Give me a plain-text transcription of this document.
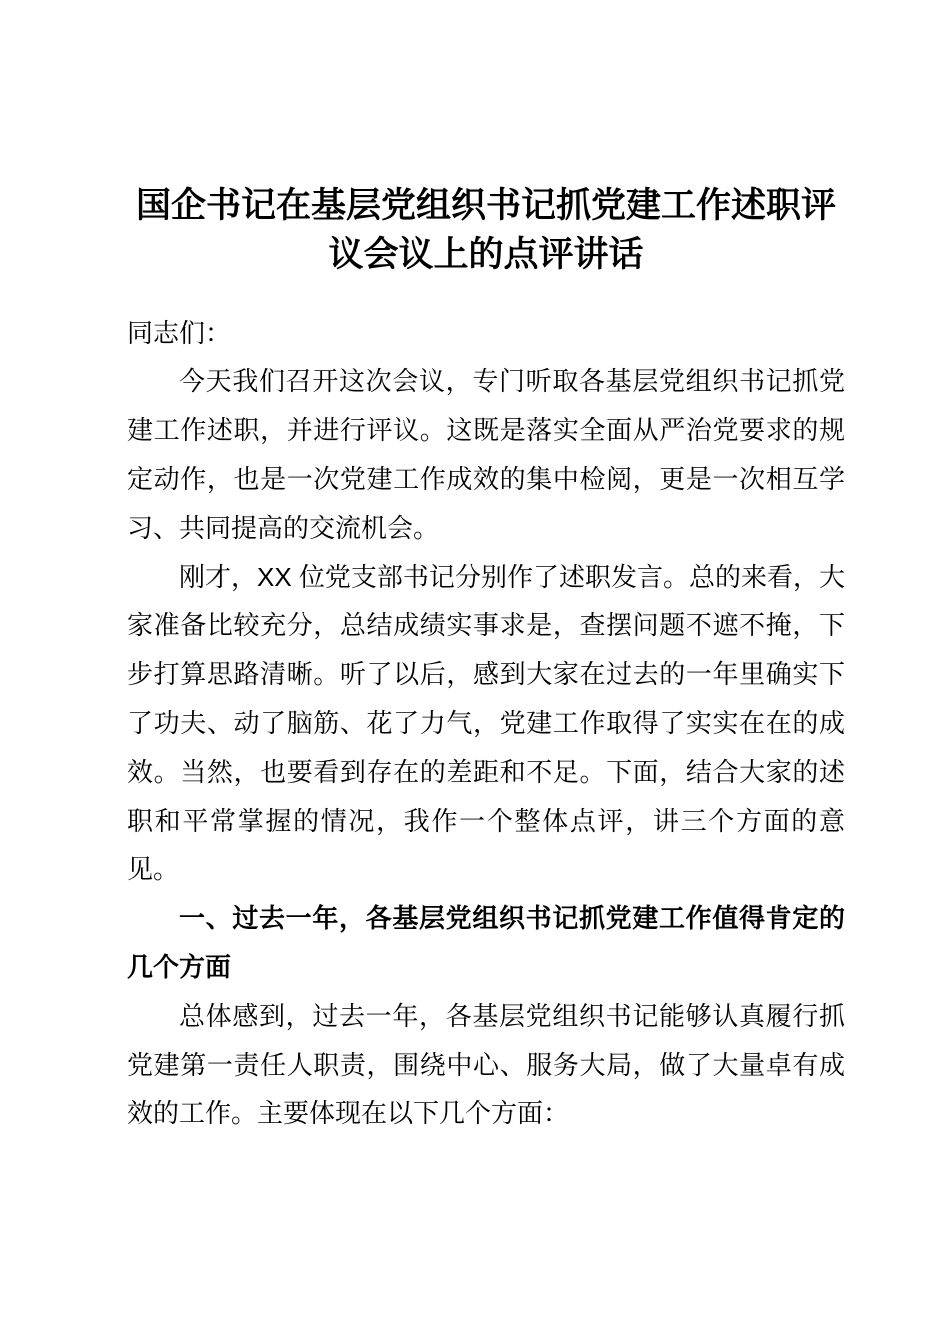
国企书记在基层党组织书记抓党建工作述职评议会议上的点评讲话

同志们：

今天我们召开这次会议，专门听取各基层党组织书记抓党建工作述职，并进行评议。这既是落实全面从严治党要求的规定动作，也是一次党建工作成效的集中检阅，更是一次相互学习、共同提高的交流机会。

刚才，XX 位党支部书记分别作了述职发言。总的来看，大家准备比较充分，总结成绩实事求是，查摆问题不遮不掩，下步打算思路清晰。听了以后，感到大家在过去的一年里确实下了功夫、动了脑筋、花了力气，党建工作取得了实实在在的成效。当然，也要看到存在的差距和不足。下面，结合大家的述职和平常掌握的情况，我作一个整体点评，讲三个方面的意见。

一、过去一年，各基层党组织书记抓党建工作值得肯定的几个方面

总体感到，过去一年，各基层党组织书记能够认真履行抓党建第一责任人职责，围绕中心、服务大局，做了大量卓有成效的工作。主要体现在以下几个方面：
